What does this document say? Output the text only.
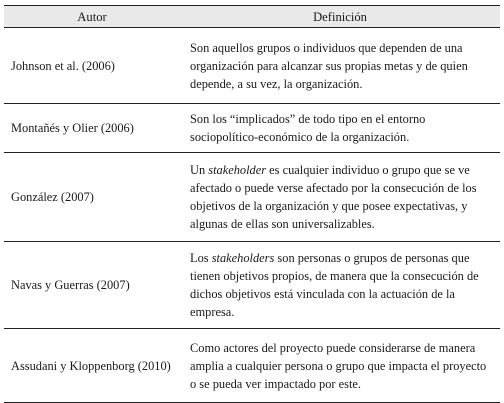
Autor	Definición
Johnson et al. (2006)	Son aquellos grupos o individuos que dependen de una organización para alcanzar sus propias metas y de quien depende, a su vez, la organización.
Montañés y Olier (2006)	Son los “implicados” de todo tipo en el entorno sociopolítico-económico de la organización.
González (2007)	Un stakeholder es cualquier individuo o grupo que se ve afectado o puede verse afectado por la consecución de los objetivos de la organización y que posee expectativas, y algunas de ellas son universalizables.
Navas y Guerras (2007)	Los stakeholders son personas o grupos de personas que tienen objetivos propios, de manera que la consecución de dichos objetivos está vinculada con la actuación de la empresa.
Assudani y Kloppenborg (2010)	Como actores del proyecto puede considerarse de manera amplia a cualquier persona o grupo que impacta el proyecto o se pueda ver impactado por este.
